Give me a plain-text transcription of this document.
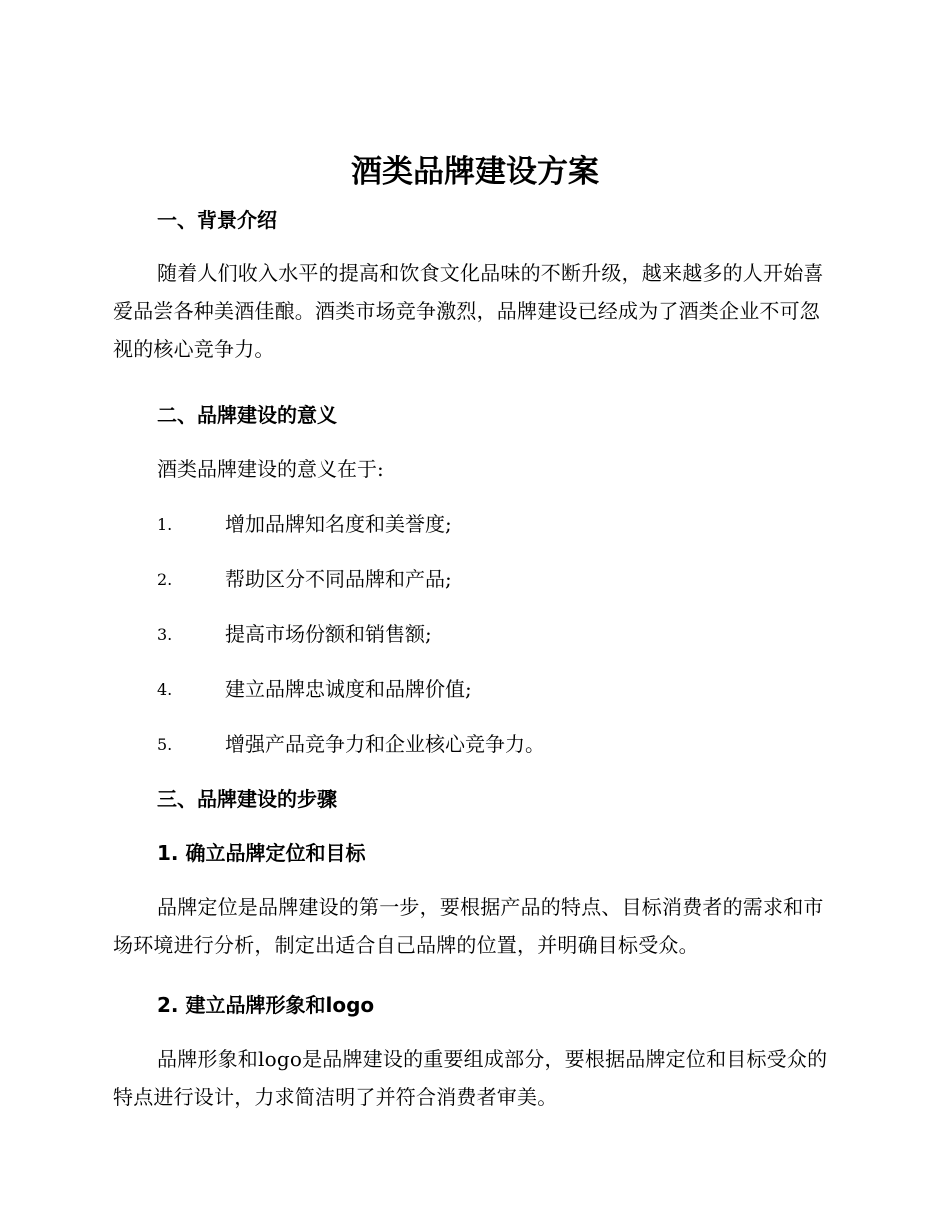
酒类品牌建设方案
一、背景介绍

随着人们收入水平的提高和饮食文化品味的不断升级，越来越多的人开始喜爱品尝各种美酒佳酿。酒类市场竞争激烈，品牌建设已经成为了酒类企业不可忽视的核心竞争力。

二、品牌建设的意义

酒类品牌建设的意义在于:

1.	增加品牌知名度和美誉度;
2.	帮助区分不同品牌和产品;
3.	提高市场份额和销售额;
4.	建立品牌忠诚度和品牌价值;
5.	增强产品竞争力和企业核心竞争力。
三、品牌建设的步骤
1. 确立品牌定位和目标

品牌定位是品牌建设的第一步，要根据产品的特点、目标消费者的需求和市场环境进行分析，制定出适合自己品牌的位置，并明确目标受众。

2. 建立品牌形象和logo

品牌形象和logo是品牌建设的重要组成部分，要根据品牌定位和目标受众的特点进行设计，力求简洁明了并符合消费者审美。
